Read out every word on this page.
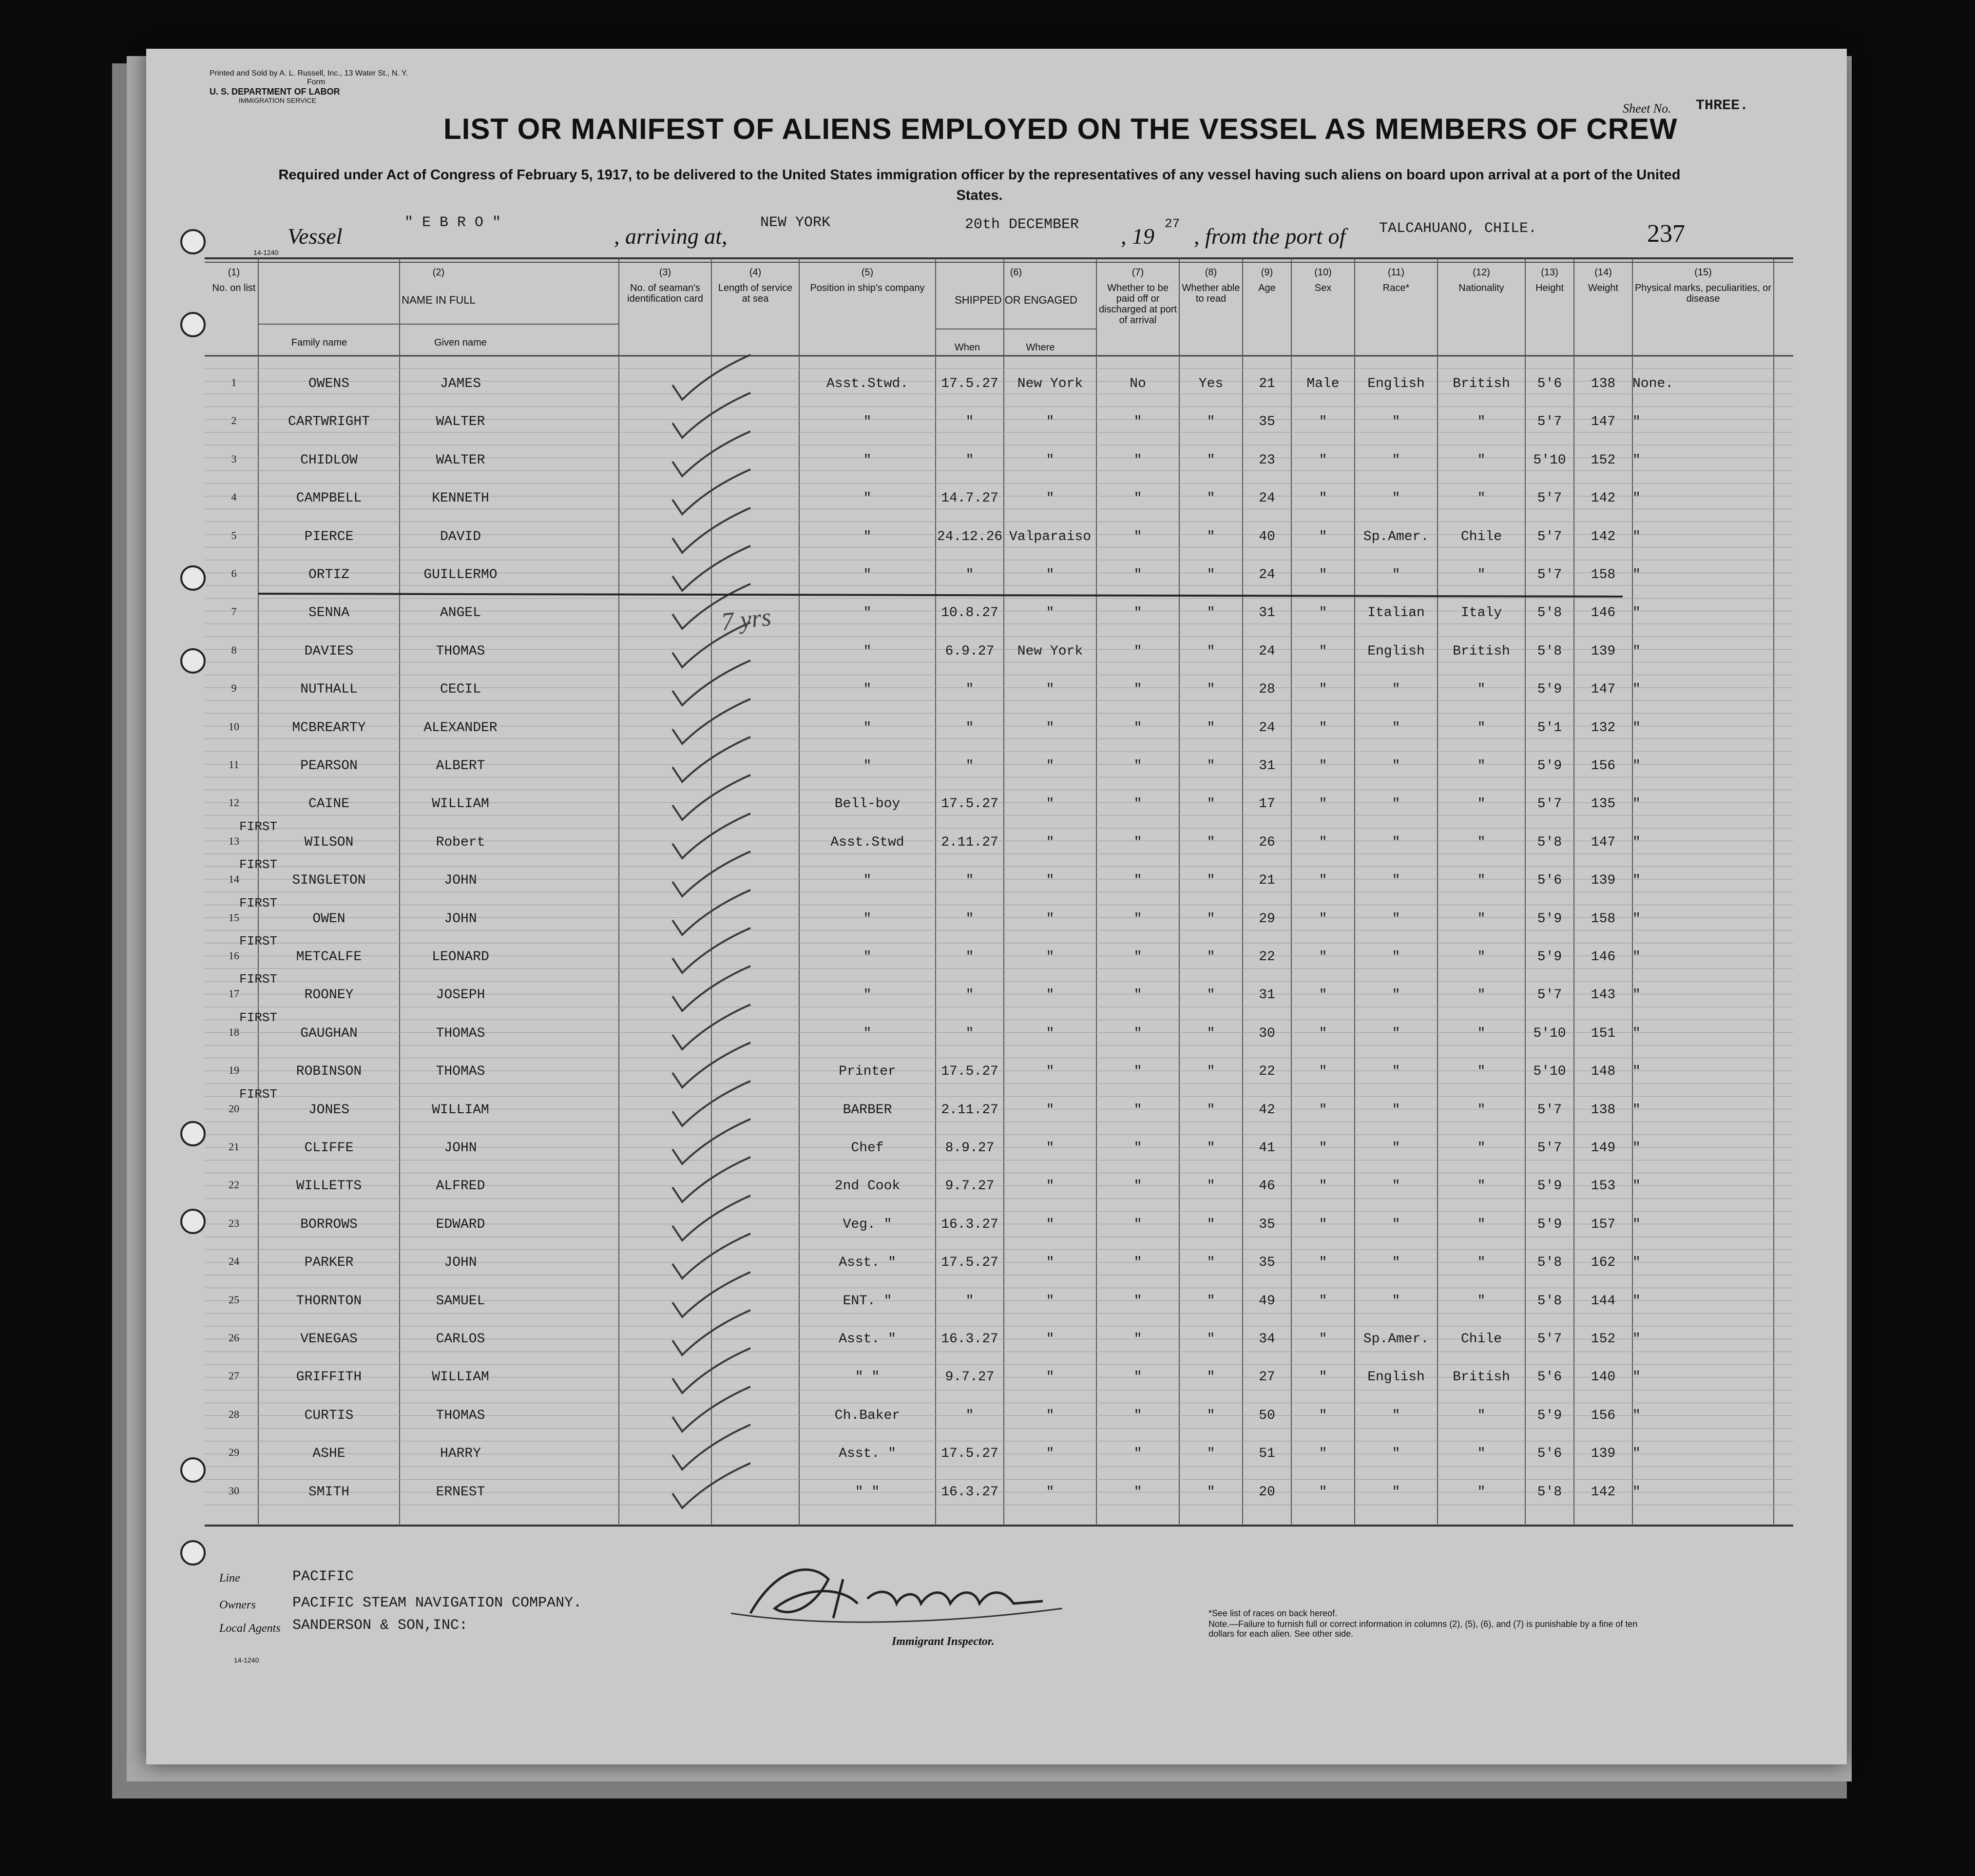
Printed and Sold by A. L. Russell, Inc., 13 Water St., N. Y.
Form
U. S. DEPARTMENT OF LABOR
IMMIGRATION SERVICE
Sheet No. THREE.
LIST OR MANIFEST OF ALIENS EMPLOYED ON THE VESSEL AS MEMBERS OF CREW
Required under Act of Congress of February 5, 1917, to be delivered to the United States immigration officer by the representatives of any vessel having such aliens on board upon arrival at a port of the United States.
Vessel
" E B R O "
, arriving at,
NEW YORK	20th DECEMBER , 19 27 , from the port of TALCAHUANO, CHILE.	237
14-1240
(1)
No. on list
(2)
NAME IN FULL
(3)
No. of seaman's identification card
(4)
Length of service at sea
(5)
Position in ship's company
(6)
SHIPPED OR ENGAGED
(7)
Whether to be paid off or discharged at port of arrival
(8)
Whether able to read
(9)
Age
(10)
Sex
(11)
Race*
(12)
Nationality
(13)
Height
(14)
Weight
(15)
Physical marks, peculiarities, or disease
Family name	Given name	When	Where
1	OWENS	JAMES	Asst.Stwd.	17.5.27	New York	No	Yes	21	Male	English	British	5'6	138	None.
2	CARTWRIGHT	WALTER	"	"	"	"	"	35	"	"	"	5'7	147	"
3	CHIDLOW	WALTER	"	"	"	"	"	23	"	"	"	5'10	152	"
4	CAMPBELL	KENNETH	"	14.7.27	"	"	"	24	"	"	"	5'7	142	"
5	PIERCE	DAVID	"	24.12.26 Valparaiso	"	"	40	"	Sp.Amer.	Chile	5'7	142	"
6	ORTIZ	GUILLERMO	"	"	"	"	"	24	"	"	"	5'7	158	"
7	SENNA	ANGEL	"	10.8.27	"	"	"	31	"	Italian	Italy	5'8	146	"
8	DAVIES	THOMAS	"	6.9.27	New York	"	"	24	"	English	British	5'8	139	"
9	NUTHALL	CECIL	"	"	"	"	"	28	"	"	"	5'9	147	"
10	MCBREARTY	ALEXANDER	"	"	"	"	"	24	"	"	"	5'1	132	"
11	PEARSON	ALBERT	"	"	"	"	"	31	"	"	"	5'9	156	"
12	CAINE	WILLIAM	Bell-boy	17.5.27	"	"	"	17	"	"	"	5'7	135	"
13	WILSON	Robert	Asst.Stwd	2.11.27	"	"	"	26	"	"	"	5'8	147	"
FIRST
14	SINGLETON	JOHN	"	"	"	"	"	21	"	"	"	5'6	139	"
FIRST
15	OWEN	JOHN	"	"	"	"	"	29	"	"	"	5'9	158	"
FIRST
16	METCALFE	LEONARD	"	"	"	"	"	22	"	"	"	5'9	146	"
FIRST
17	ROONEY	JOSEPH	"	"	"	"	"	31	"	"	"	5'7	143	"
FIRST
18	GAUGHAN	THOMAS	"	"	"	"	"	30	"	"	"	5'10	151	"
FIRST
19	ROBINSON	THOMAS	Printer	17.5.27	"	"	"	22	"	"	"	5'10	148	"
20	JONES	WILLIAM	BARBER	2.11.27	"	"	"	42	"	"	"	5'7	138	"
FIRST
21	CLIFFE	JOHN	Chef	8.9.27	"	"	"	41	"	"	"	5'7	149	"
22	WILLETTS	ALFRED	2nd Cook	9.7.27	"	"	"	46	"	"	"	5'9	153	"
23	BORROWS	EDWARD	Veg. "	16.3.27	"	"	"	35	"	"	"	5'9	157	"
24	PARKER	JOHN	Asst. "	17.5.27	"	"	"	35	"	"	"	5'8	162	"
25	THORNTON	SAMUEL	ENT. "	"	"	"	"	49	"	"	"	5'8	144	"
26	VENEGAS	CARLOS	Asst. "	16.3.27	"	"	"	34	"	Sp.Amer.	Chile	5'7	152	"
27	GRIFFITH	WILLIAM	" "	9.7.27	"	"	"	27	"	English	British	5'6	140	"
28	CURTIS	THOMAS	Ch.Baker	"	"	"	"	50	"	"	"	5'9	156	"
29	ASHE	HARRY	Asst. "	17.5.27	"	"	"	51	"	"	"	5'6	139	"
30	SMITH	ERNEST	" "	16.3.27	"	"	"	20	"	"	"	5'8	142	"
7 yrs
Line	PACIFIC
Owners	PACIFIC STEAM NAVIGATION COMPANY.
Local Agents SANDERSON & SON,INC:
14-1240
Immigrant Inspector.
*See list of races on back hereof.
Note.—Failure to furnish full or correct information in columns (2), (5), (6), and (7) is punishable by a fine of ten dollars for each alien. See other side.
